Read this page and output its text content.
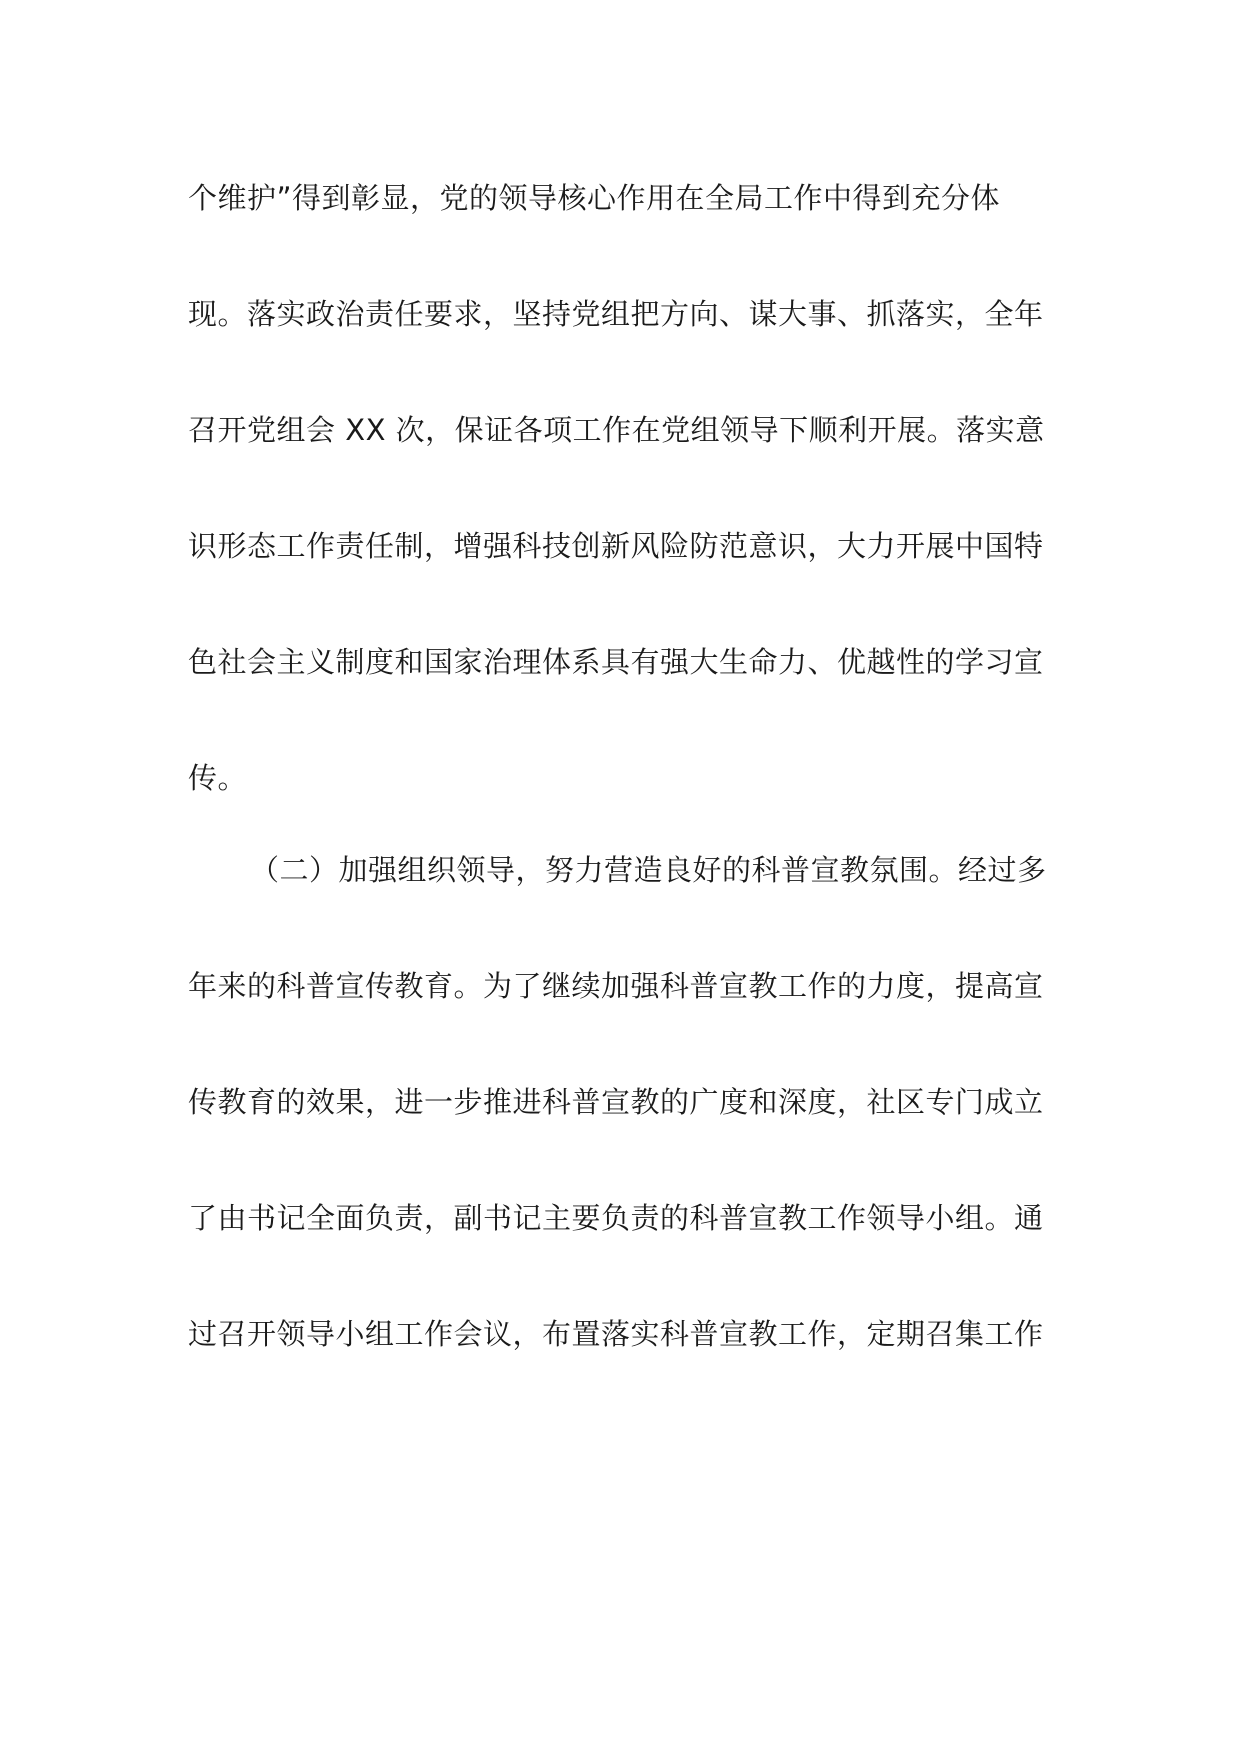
个维护”得到彰显，党的领导核心作用在全局工作中得到充分体
现。落实政治责任要求，坚持党组把方向、谋大事、抓落实，全年
召开党组会 XX 次，保证各项工作在党组领导下顺利开展。落实意
识形态工作责任制，增强科技创新风险防范意识，大力开展中国特
色社会主义制度和国家治理体系具有强大生命力、优越性的学习宣
传。
（二）加强组织领导，努力营造良好的科普宣教氛围。经过多
年来的科普宣传教育。为了继续加强科普宣教工作的力度，提高宣
传教育的效果，进一步推进科普宣教的广度和深度，社区专门成立
了由书记全面负责，副书记主要负责的科普宣教工作领导小组。通
过召开领导小组工作会议，布置落实科普宣教工作，定期召集工作
